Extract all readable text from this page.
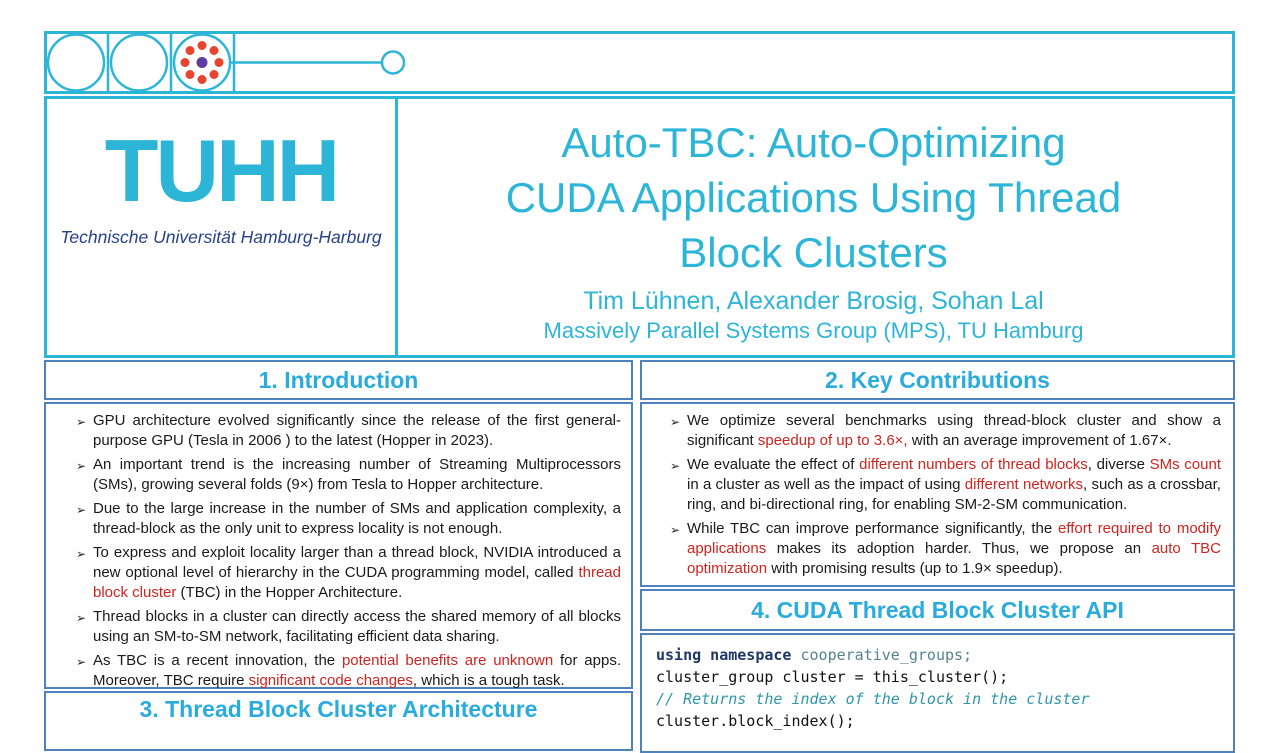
TUHH
Technische Universität Hamburg-Harburg
Auto-TBC: Auto-Optimizing
CUDA Applications Using Thread
Block Clusters
Tim Lühnen, Alexander Brosig, Sohan Lal
Massively Parallel Systems Group (MPS), TU Hamburg
1. Introduction
➢ GPU architecture evolved significantly since the release of the first general-purpose GPU (Tesla in 2006 ) to the latest (Hopper in 2023).
➢ An important trend is the increasing number of Streaming Multiprocessors (SMs), growing several folds (9×) from Tesla to Hopper architecture.
➢ Due to the large increase in the number of SMs and application complexity, a thread-block as the only unit to express locality is not enough.
➢ To express and exploit locality larger than a thread block, NVIDIA introduced a new optional level of hierarchy in the CUDA programming model, called thread block cluster (TBC) in the Hopper Architecture.
➢ Thread blocks in a cluster can directly access the shared memory of all blocks using an SM-to-SM network, facilitating efficient data sharing.
➢ As TBC is a recent innovation, the potential benefits are unknown for apps. Moreover, TBC require significant code changes, which is a tough task.
3. Thread Block Cluster Architecture
2. Key Contributions
➢ We optimize several benchmarks using thread-block cluster and show a significant speedup of up to 3.6×, with an average improvement of 1.67×.
➢ We evaluate the effect of different numbers of thread blocks, diverse SMs count in a cluster as well as the impact of using different networks, such as a crossbar, ring, and bi-directional ring, for enabling SM-2-SM communication.
➢ While TBC can improve performance significantly, the effort required to modify applications makes its adoption harder. Thus, we propose an auto TBC optimization with promising results (up to 1.9× speedup).
4. CUDA Thread Block Cluster API
using namespace cooperative_groups;
cluster_group cluster = this_cluster();
// Returns the index of the block in the cluster
cluster.block_index();
